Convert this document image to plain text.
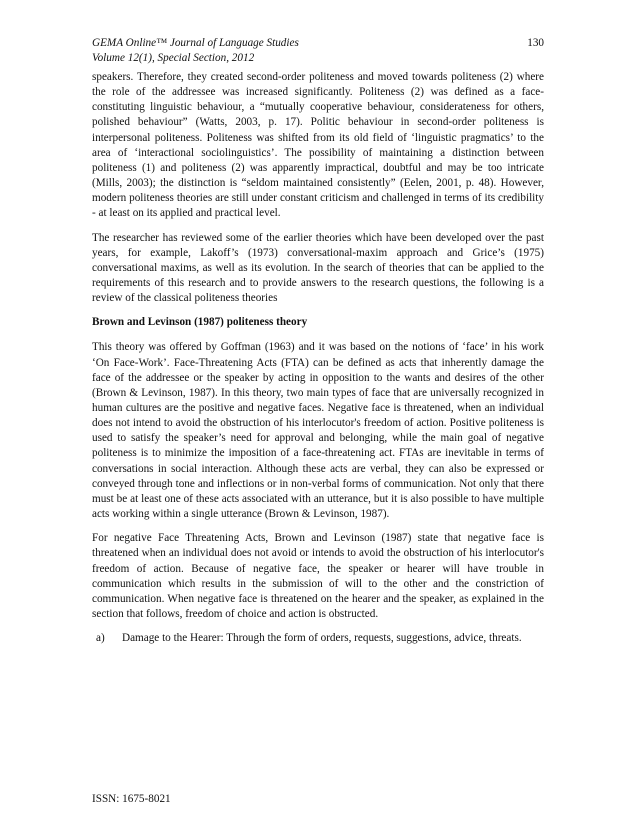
GEMA Online™ Journal of Language Studies
Volume 12(1), Special Section, 2012
130

speakers. Therefore, they created second-order politeness and moved towards politeness (2) where the role of the addressee was increased significantly. Politeness (2) was defined as a face-constituting linguistic behaviour, a “mutually cooperative behaviour, considerateness for others, polished behaviour” (Watts, 2003, p. 17). Politic behaviour in second-order politeness is interpersonal politeness. Politeness was shifted from its old field of ‘linguistic pragmatics’ to the area of ‘interactional sociolinguistics’. The possibility of maintaining a distinction between politeness (1) and politeness (2) was apparently impractical, doubtful and may be too intricate (Mills, 2003); the distinction is “seldom maintained consistently” (Eelen, 2001, p. 48). However, modern politeness theories are still under constant criticism and challenged in terms of its credibility - at least on its applied and practical level.

The researcher has reviewed some of the earlier theories which have been developed over the past years, for example, Lakoff’s (1973) conversational-maxim approach and Grice’s (1975) conversational maxims, as well as its evolution. In the search of theories that can be applied to the requirements of this research and to provide answers to the research questions, the following is a review of the classical politeness theories

Brown and Levinson (1987) politeness theory

This theory was offered by Goffman (1963) and it was based on the notions of ‘face’ in his work ‘On Face-Work’. Face-Threatening Acts (FTA) can be defined as acts that inherently damage the face of the addressee or the speaker by acting in opposition to the wants and desires of the other (Brown & Levinson, 1987). In this theory, two main types of face that are universally recognized in human cultures are the positive and negative faces. Negative face is threatened, when an individual does not intend to avoid the obstruction of his interlocutor's freedom of action. Positive politeness is used to satisfy the speaker’s need for approval and belonging, while the main goal of negative politeness is to minimize the imposition of a face-threatening act. FTAs are inevitable in terms of conversations in social interaction. Although these acts are verbal, they can also be expressed or conveyed through tone and inflections or in non-verbal forms of communication. Not only that there must be at least one of these acts associated with an utterance, but it is also possible to have multiple acts working within a single utterance (Brown & Levinson, 1987).

For negative Face Threatening Acts, Brown and Levinson (1987) state that negative face is threatened when an individual does not avoid or intends to avoid the obstruction of his interlocutor's freedom of action. Because of negative face, the speaker or hearer will have trouble in communication which results in the submission of will to the other and the constriction of communication. When negative face is threatened on the hearer and the speaker, as explained in the section that follows, freedom of choice and action is obstructed.

a) Damage to the Hearer: Through the form of orders, requests, suggestions, advice, threats.
ISSN: 1675-8021
